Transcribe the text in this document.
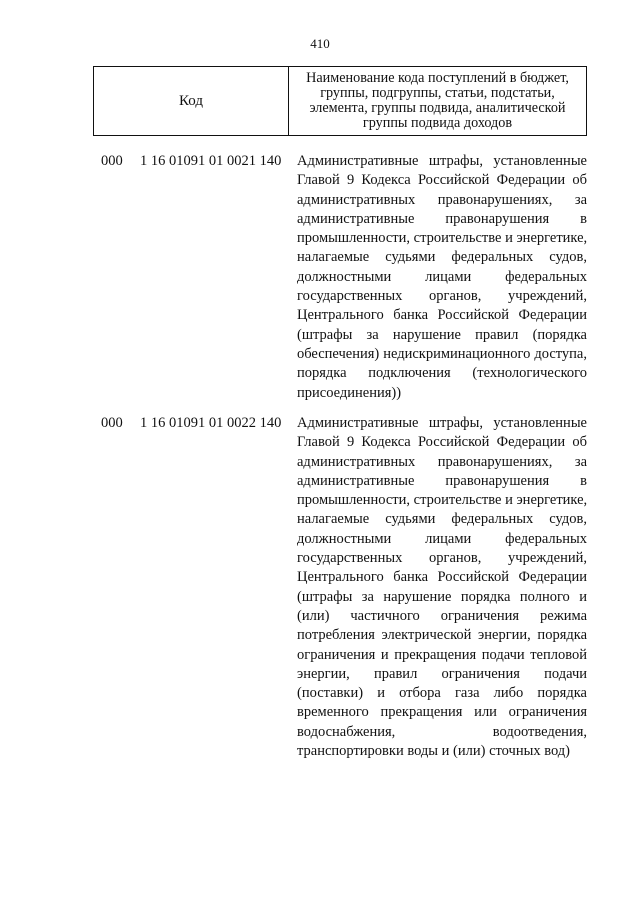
410
Код
Наименование кода поступлений в бюджет, группы, подгруппы, статьи, подстатьи, элемента, группы подвида, аналитической группы подвида доходов
000 1 16 01091 01 0021 140 Административные штрафы, установленные
Главой 9 Кодекса Российской Федерации об
административных правонарушениях, за
административные правонарушения в
промышленности, строительстве и энергетике,
налагаемые судьями федеральных судов,
должностными лицами федеральных
государственных органов, учреждений,
Центрального банка Российской Федерации
(штрафы за нарушение правил (порядка
обеспечения) недискриминационного доступа,
порядка подключения (технологического
присоединения))
000 1 16 01091 01 0022 140 Административные штрафы, установленные
Главой 9 Кодекса Российской Федерации об
административных правонарушениях, за
административные правонарушения в
промышленности, строительстве и энергетике,
налагаемые судьями федеральных судов,
должностными лицами федеральных
государственных органов, учреждений,
Центрального банка Российской Федерации
(штрафы за нарушение порядка полного и
(или) частичного ограничения режима
потребления электрической энергии, порядка
ограничения и прекращения подачи тепловой
энергии, правил ограничения подачи
(поставки) и отбора газа либо порядка
временного прекращения или ограничения
водоснабжения, водоотведения,
транспортировки воды и (или) сточных вод)
